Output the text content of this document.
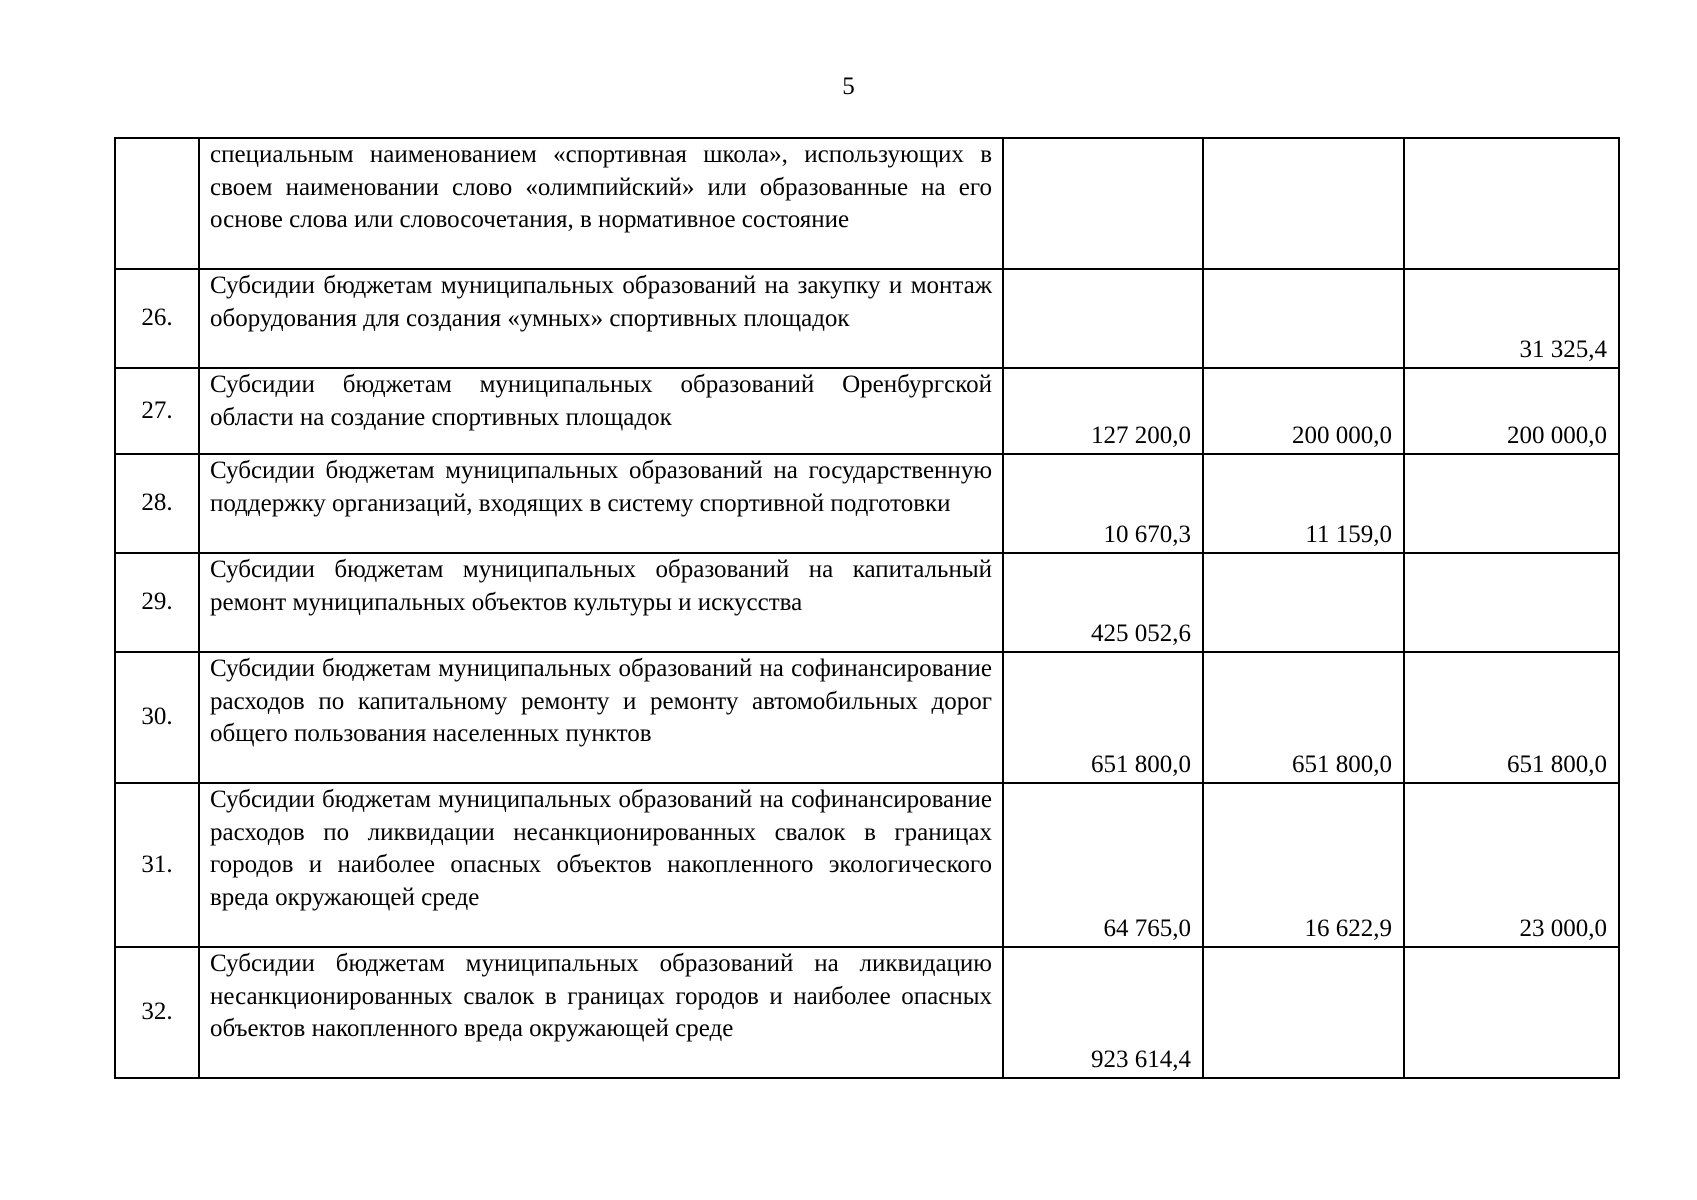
5
	специальным наименованием «спортивная школа», использующих в своем наименовании слово «олимпийский» или образованные на его основе слова или словосочетания, в нормативное состояние			
26.	Субсидии бюджетам муниципальных образований на закупку и монтаж оборудования для создания «умных» спортивных площадок			31 325,4
27.	Субсидии бюджетам муниципальных образований Оренбургской области на создание спортивных площадок	127 200,0	200 000,0	200 000,0
28.	Субсидии бюджетам муниципальных образований на государственную поддержку организаций, входящих в систему спортивной подготовки	10 670,3	11 159,0	
29.	Субсидии бюджетам муниципальных образований на капитальный ремонт муниципальных объектов культуры и искусства	425 052,6		
30.	Субсидии бюджетам муниципальных образований на софинансирование расходов по капитальному ремонту и ремонту автомобильных дорог общего пользования населенных пунктов	651 800,0	651 800,0	651 800,0
31.	Субсидии бюджетам муниципальных образований на софинансирование расходов по ликвидации несанкционированных свалок в границах городов и наиболее опасных объектов накопленного экологического вреда окружающей среде	64 765,0	16 622,9	23 000,0
32.	Субсидии бюджетам муниципальных образований на ликвидацию несанкционированных свалок в границах городов и наиболее опасных объектов накопленного вреда окружающей среде	923 614,4		
